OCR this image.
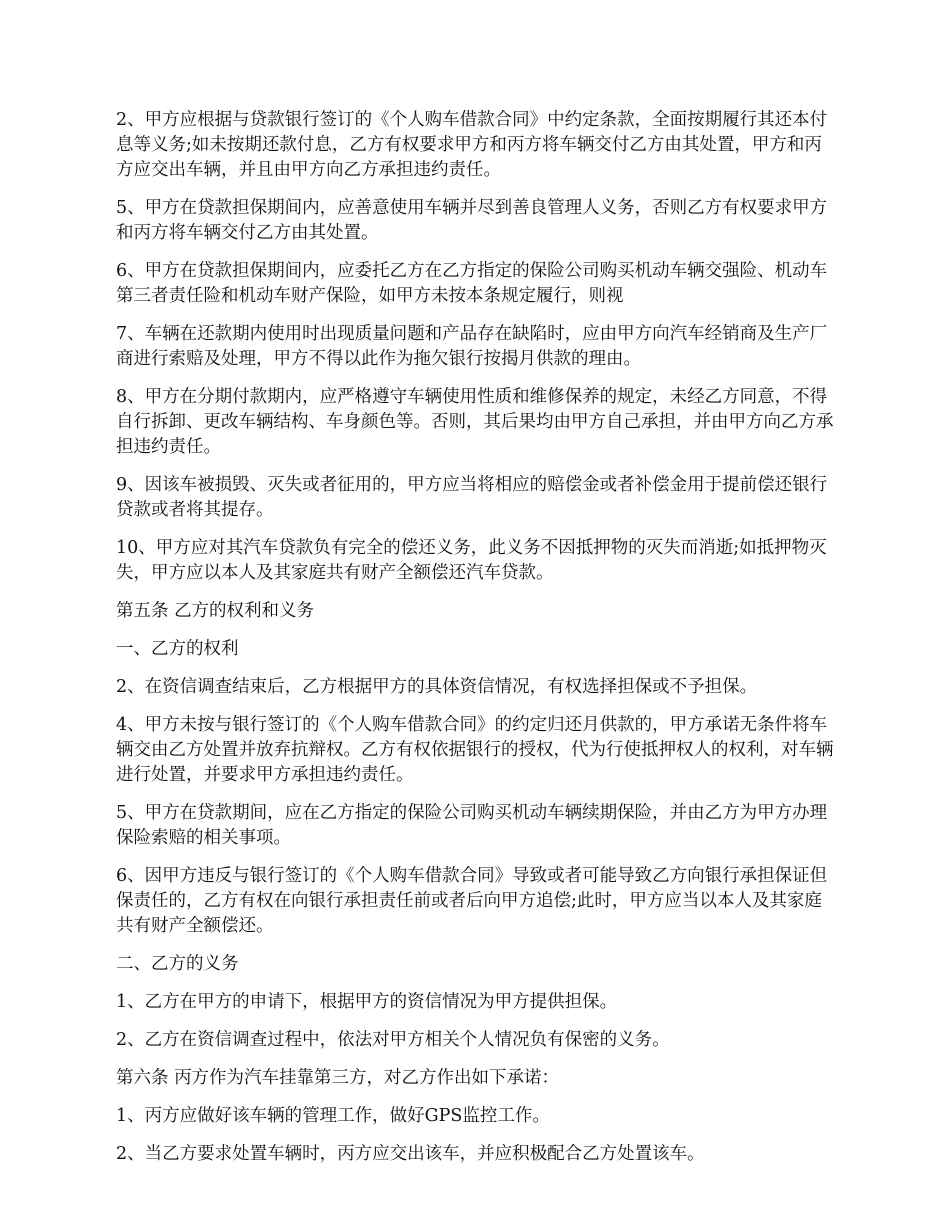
2、甲方应根据与贷款银行签订的《个人购车借款合同》中约定条款，全面按期履行其还本付息等义务;如未按期还款付息，乙方有权要求甲方和丙方将车辆交付乙方由其处置，甲方和丙方应交出车辆，并且由甲方向乙方承担违约责任。

5、甲方在贷款担保期间内，应善意使用车辆并尽到善良管理人义务，否则乙方有权要求甲方和丙方将车辆交付乙方由其处置。

6、甲方在贷款担保期间内，应委托乙方在乙方指定的保险公司购买机动车辆交强险、机动车第三者责任险和机动车财产保险，如甲方未按本条规定履行，则视

7、车辆在还款期内使用时出现质量问题和产品存在缺陷时，应由甲方向汽车经销商及生产厂商进行索赔及处理，甲方不得以此作为拖欠银行按揭月供款的理由。

8、甲方在分期付款期内，应严格遵守车辆使用性质和维修保养的规定，未经乙方同意，不得自行拆卸、更改车辆结构、车身颜色等。否则，其后果均由甲方自己承担，并由甲方向乙方承担违约责任。

9、因该车被损毁、灭失或者征用的，甲方应当将相应的赔偿金或者补偿金用于提前偿还银行贷款或者将其提存。

10、甲方应对其汽车贷款负有完全的偿还义务，此义务不因抵押物的灭失而消逝;如抵押物灭失，甲方应以本人及其家庭共有财产全额偿还汽车贷款。

第五条 乙方的权利和义务

一、乙方的权利

2、在资信调查结束后，乙方根据甲方的具体资信情况，有权选择担保或不予担保。

4、甲方未按与银行签订的《个人购车借款合同》的约定归还月供款的，甲方承诺无条件将车辆交由乙方处置并放弃抗辩权。乙方有权依据银行的授权，代为行使抵押权人的权利，对车辆进行处置，并要求甲方承担违约责任。

5、甲方在贷款期间，应在乙方指定的保险公司购买机动车辆续期保险，并由乙方为甲方办理保险索赔的相关事项。

6、因甲方违反与银行签订的《个人购车借款合同》导致或者可能导致乙方向银行承担保证但保责任的，乙方有权在向银行承担责任前或者后向甲方追偿;此时，甲方应当以本人及其家庭共有财产全额偿还。

二、乙方的义务

1、乙方在甲方的申请下，根据甲方的资信情况为甲方提供担保。

2、乙方在资信调查过程中，依法对甲方相关个人情况负有保密的义务。

第六条 丙方作为汽车挂靠第三方，对乙方作出如下承诺：

1、丙方应做好该车辆的管理工作，做好GPS监控工作。

2、当乙方要求处置车辆时，丙方应交出该车，并应积极配合乙方处置该车。
